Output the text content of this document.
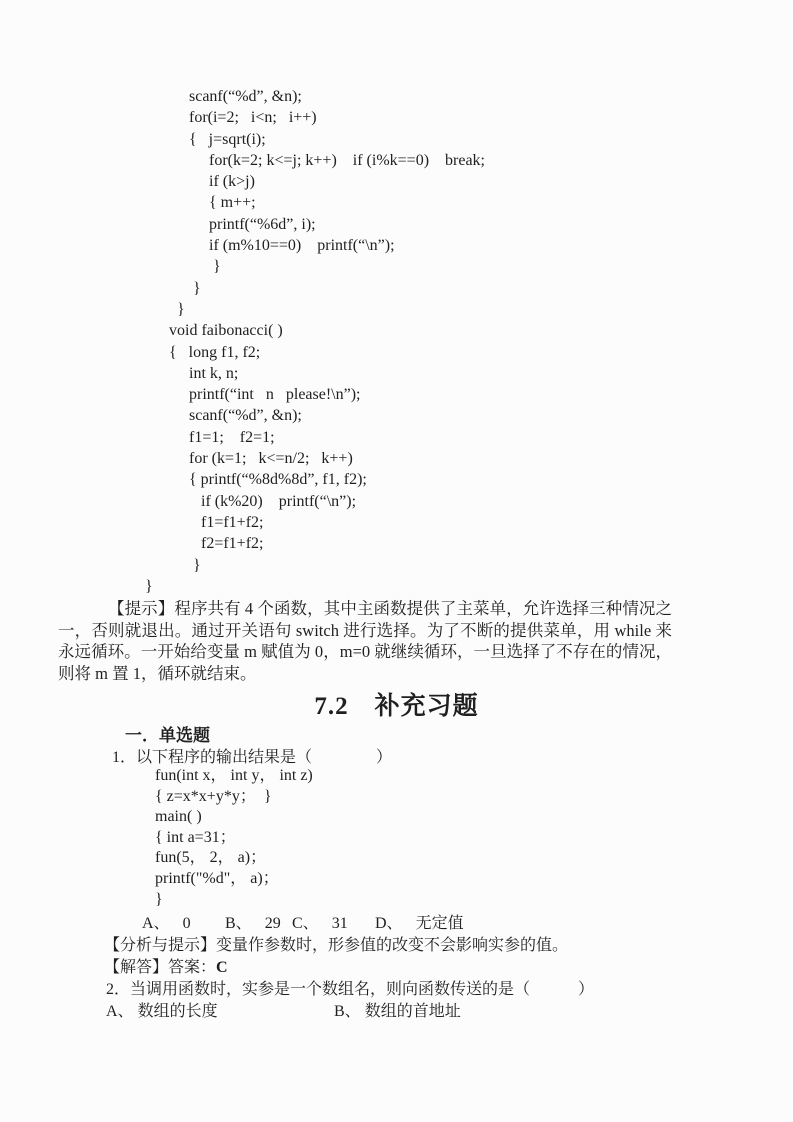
scanf(“%d”, &n);
for(i=2;   i<n;   i++)
{   j=sqrt(i);
for(k=2; k<=j; k++)    if (i%k==0)    break;
if (k>j)
{ m++;
printf(“%6d”, i);
if (m%10==0)    printf(“\n”);
}
}
}
void faibonacci( )
{   long f1, f2;
int k, n;
printf(“int   n   please!\n”);
scanf(“%d”, &n);
f1=1;    f2=1;
for (k=1;   k<=n/2;   k++)
{ printf(“%8d%8d”, f1, f2);
if (k%20)    printf(“\n”);
f1=f1+f2;
f2=f1+f2;
}
}

【提示】程序共有 4 个函数，其中主函数提供了主菜单，允许选择三种情况之一，否则就退出。通过开关语句 switch 进行选择。为了不断的提供菜单，用 while 来永远循环。一开始给变量 m 赋值为 0，m=0 就继续循环，一旦选择了不存在的情况，则将 m 置 1，循环就结束。

7.2　补充习题
一．单选题
1．以下程序的输出结果是（　　　　）
fun(int x， int y， int z)
{ z=x*x+y*y；  }
main( )
{ int a=31；
fun(5， 2， a)；
printf("%d"， a)；
}
A、 0 B、 29 C、 31 D、 无定值
【分析与提示】变量作参数时，形参值的改变不会影响实参的值。
【解答】答案：C
2．当调用函数时，实参是一个数组名，则向函数传送的是（　　　）
A、 数组的长度	B、 数组的首地址
